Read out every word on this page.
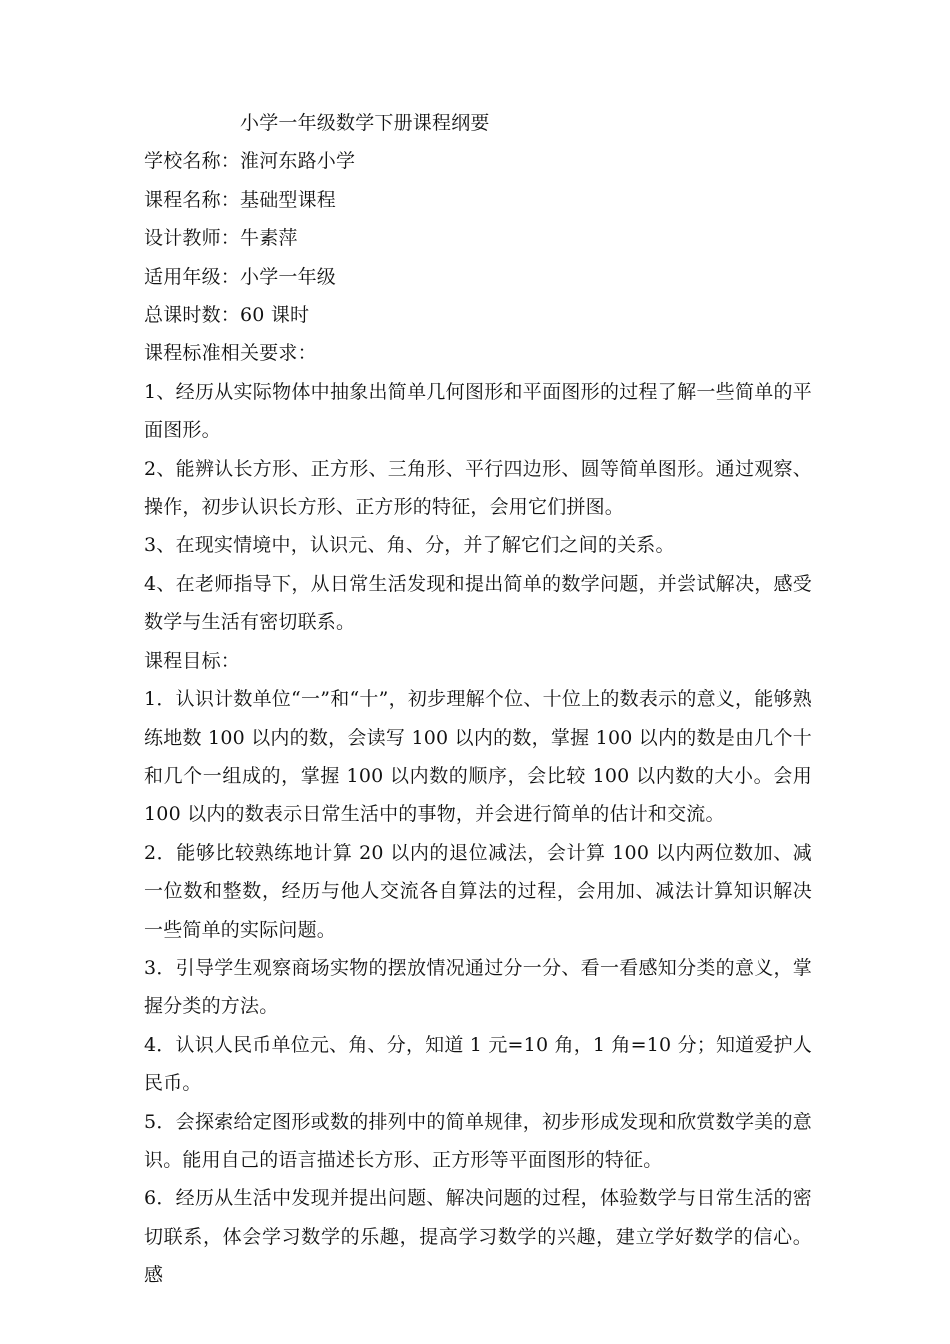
小学一年级数学下册课程纲要

学校名称：淮河东路小学

课程名称：基础型课程

设计教师：牛素萍

适用年级：小学一年级

总课时数：60 课时

课程标准相关要求：

1、经历从实际物体中抽象出简单几何图形和平面图形的过程了解一些简单的平面图形。

2、能辨认长方形、正方形、三角形、平行四边形、圆等简单图形。通过观察、操作，初步认识长方形、正方形的特征，会用它们拼图。

3、在现实情境中，认识元、角、分，并了解它们之间的关系。

4、在老师指导下，从日常生活发现和提出简单的数学问题，并尝试解决，感受数学与生活有密切联系。

课程目标：

1．认识计数单位“一”和“十”，初步理解个位、十位上的数表示的意义，能够熟练地数 100 以内的数，会读写 100 以内的数，掌握 100 以内的数是由几个十和几个一组成的，掌握 100 以内数的顺序，会比较 100 以内数的大小。会用 100 以内的数表示日常生活中的事物，并会进行简单的估计和交流。

2．能够比较熟练地计算 20 以内的退位减法，会计算 100 以内两位数加、减一位数和整数，经历与他人交流各自算法的过程，会用加、减法计算知识解决一些简单的实际问题。

3．引导学生观察商场实物的摆放情况通过分一分、看一看感知分类的意义，掌握分类的方法。

4．认识人民币单位元、角、分，知道 1 元=10 角，1 角=10 分；知道爱护人民币。

5．会探索给定图形或数的排列中的简单规律，初步形成发现和欣赏数学美的意识。能用自己的语言描述长方形、正方形等平面图形的特征。

6．经历从生活中发现并提出问题、解决问题的过程，体验数学与日常生活的密切联系，体会学习数学的乐趣，提高学习数学的兴趣，建立学好数学的信心。感
